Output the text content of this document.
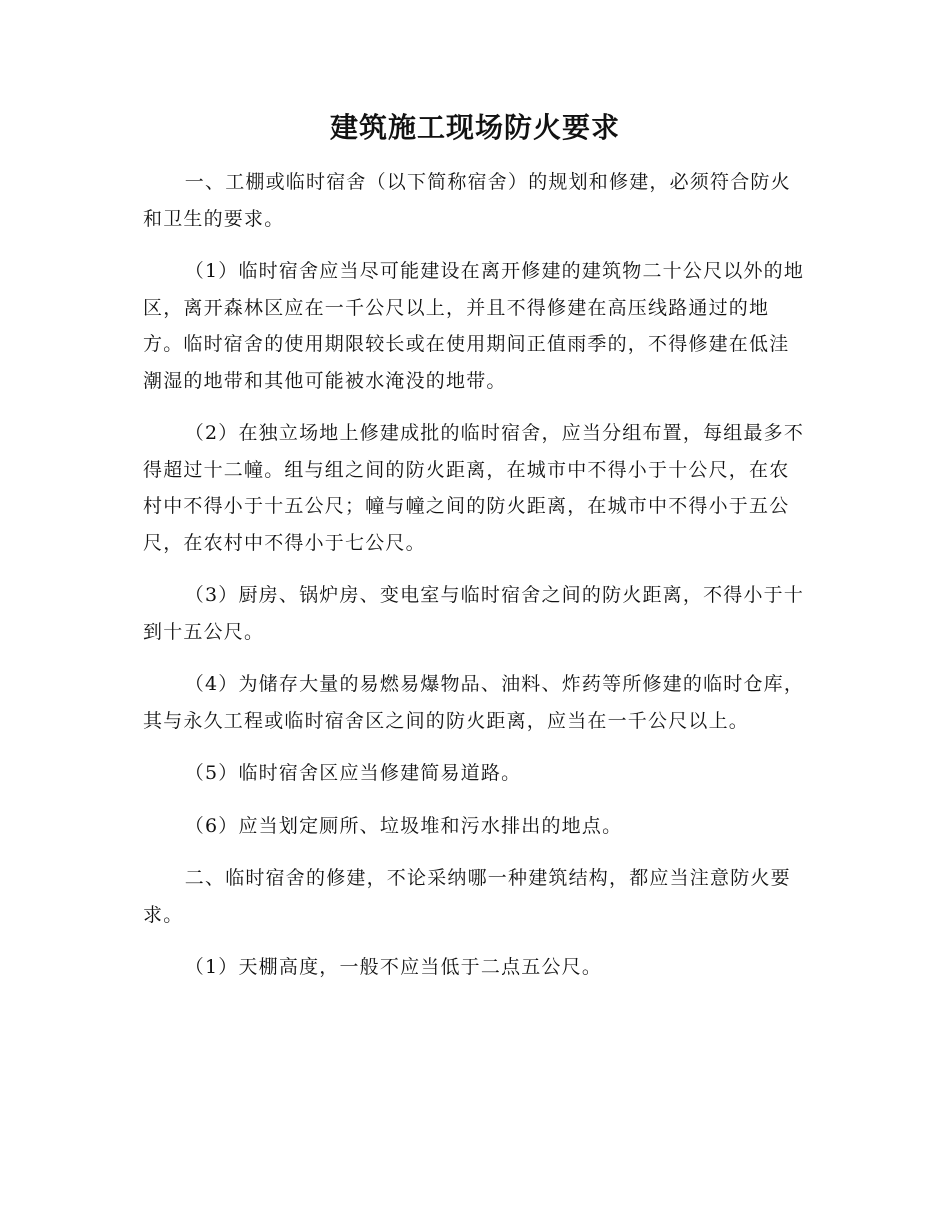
建筑施工现场防火要求

一、工棚或临时宿舍（以下简称宿舍）的规划和修建，必须符合防火和卫生的要求。

（1）临时宿舍应当尽可能建设在离开修建的建筑物二十公尺以外的地区，离开森林区应在一千公尺以上，并且不得修建在高压线路通过的地方。临时宿舍的使用期限较长或在使用期间正值雨季的，不得修建在低洼潮湿的地带和其他可能被水淹没的地带。

（2）在独立场地上修建成批的临时宿舍，应当分组布置，每组最多不得超过十二幢。组与组之间的防火距离，在城市中不得小于十公尺，在农村中不得小于十五公尺；幢与幢之间的防火距离，在城市中不得小于五公尺，在农村中不得小于七公尺。

（3）厨房、锅炉房、变电室与临时宿舍之间的防火距离，不得小于十到十五公尺。

（4）为储存大量的易燃易爆物品、油料、炸药等所修建的临时仓库，其与永久工程或临时宿舍区之间的防火距离，应当在一千公尺以上。

（5）临时宿舍区应当修建简易道路。

（6）应当划定厕所、垃圾堆和污水排出的地点。

二、临时宿舍的修建，不论采纳哪一种建筑结构，都应当注意防火要求。

（1）天棚高度，一般不应当低于二点五公尺。
